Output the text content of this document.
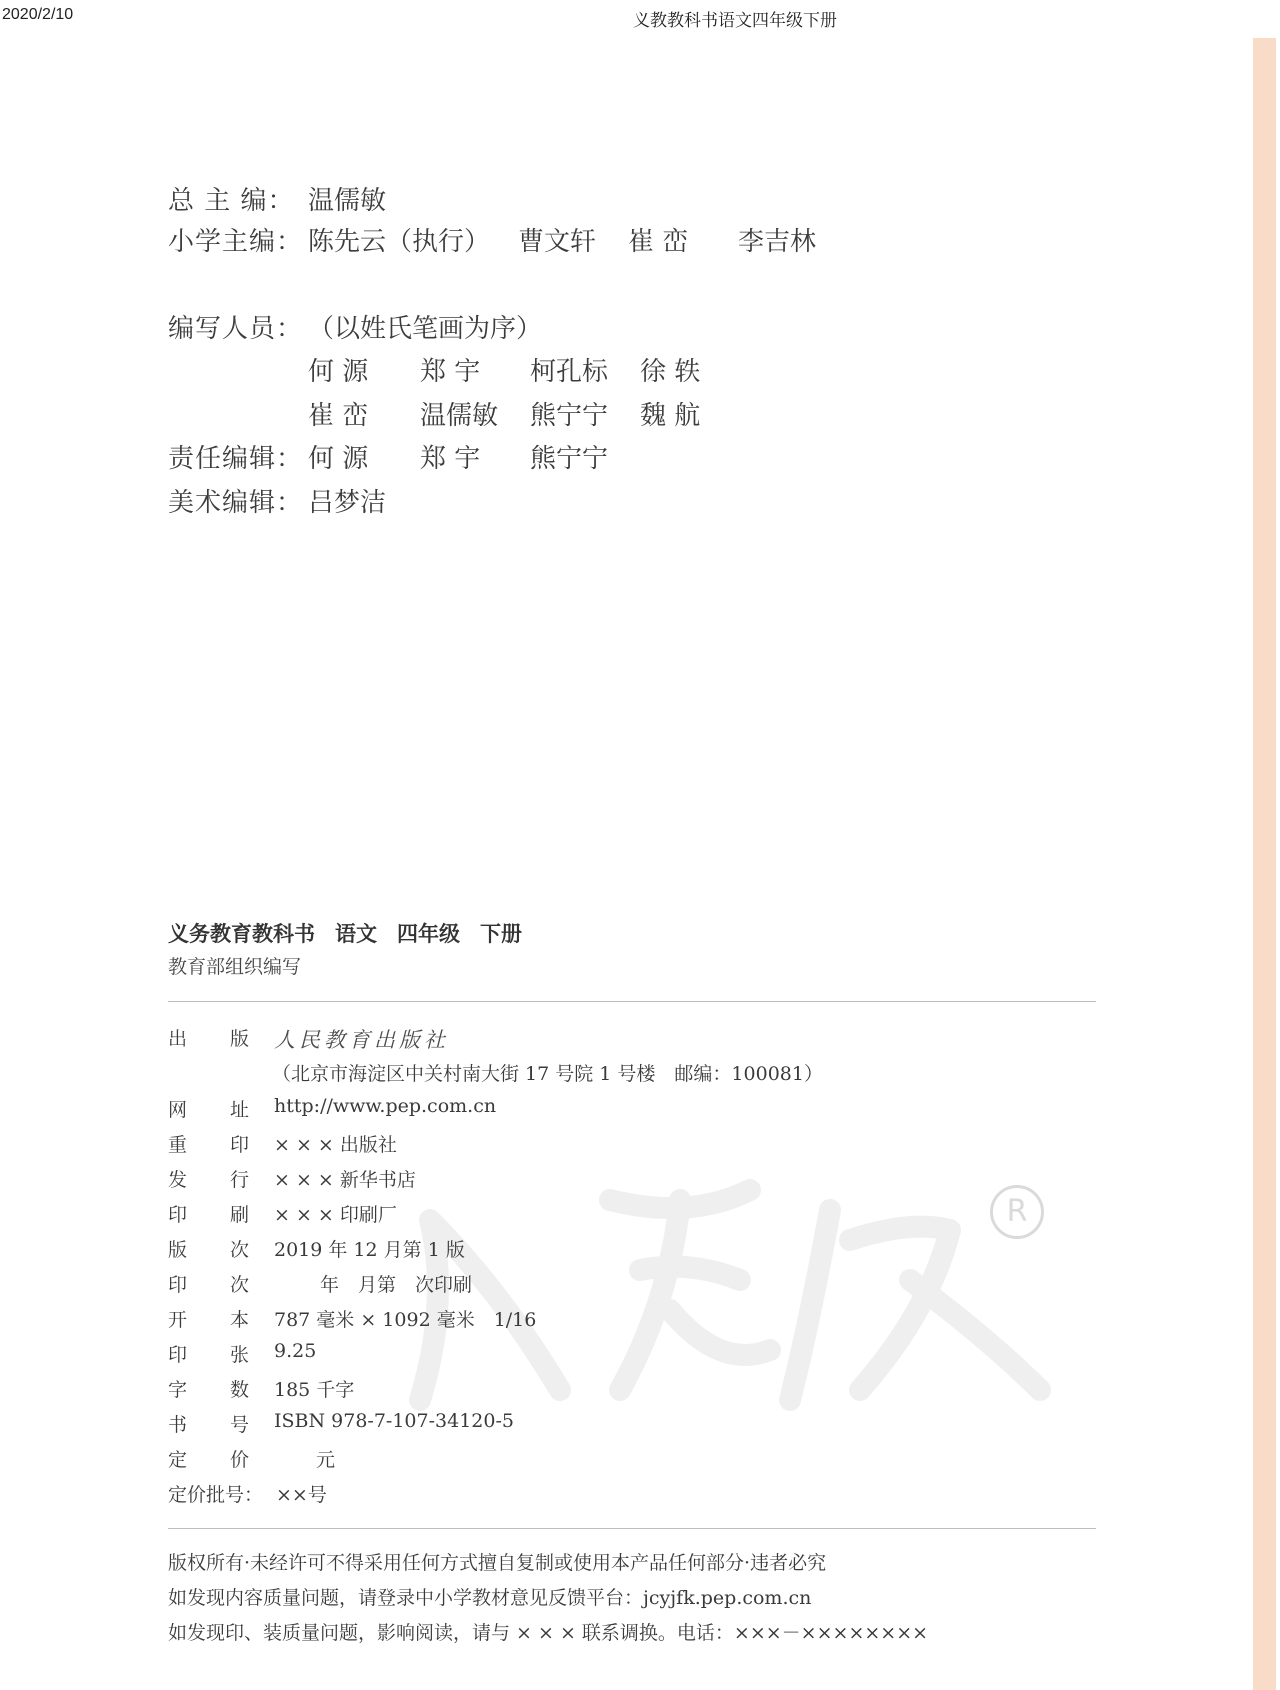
2020/2/10	义教教科书语文四年级下册
总 主 编： 温儒敏
小学主编： 陈先云（执行） 曹文轩 崔 峦 李吉林
编写人员： （以姓氏笔画为序）
何 源 郑 宇 柯孔标 徐 轶
崔 峦 温儒敏 熊宁宁 魏 航
责任编辑： 何 源 郑 宇 熊宁宁
美术编辑： 吕梦洁
义务教育教科书 语文 四年级 下册
教育部组织编写
R
出 版 人民教育出版社
（北京市海淀区中关村南大街 17 号院 1 号楼　邮编：100081）
网 址 http://www.pep.com.cn
重 印 × × × 出版社
发 行 × × × 新华书店
印 刷 × × × 印刷厂
版 次 2019 年 12 月第 1 版
印 次	年　月第　次印刷
开 本 787 毫米 × 1092 毫米　1/16
印 张 9.25
字 数 185 千字
书 号 ISBN 978-7-107-34120-5
定 价	元
定价批号： ××号
版权所有·未经许可不得采用任何方式擅自复制或使用本产品任何部分·违者必究
如发现内容质量问题，请登录中小学教材意见反馈平台：jcyjfk.pep.com.cn
如发现印、装质量问题，影响阅读，请与 × × × 联系调换。电话：×××－××××××××
